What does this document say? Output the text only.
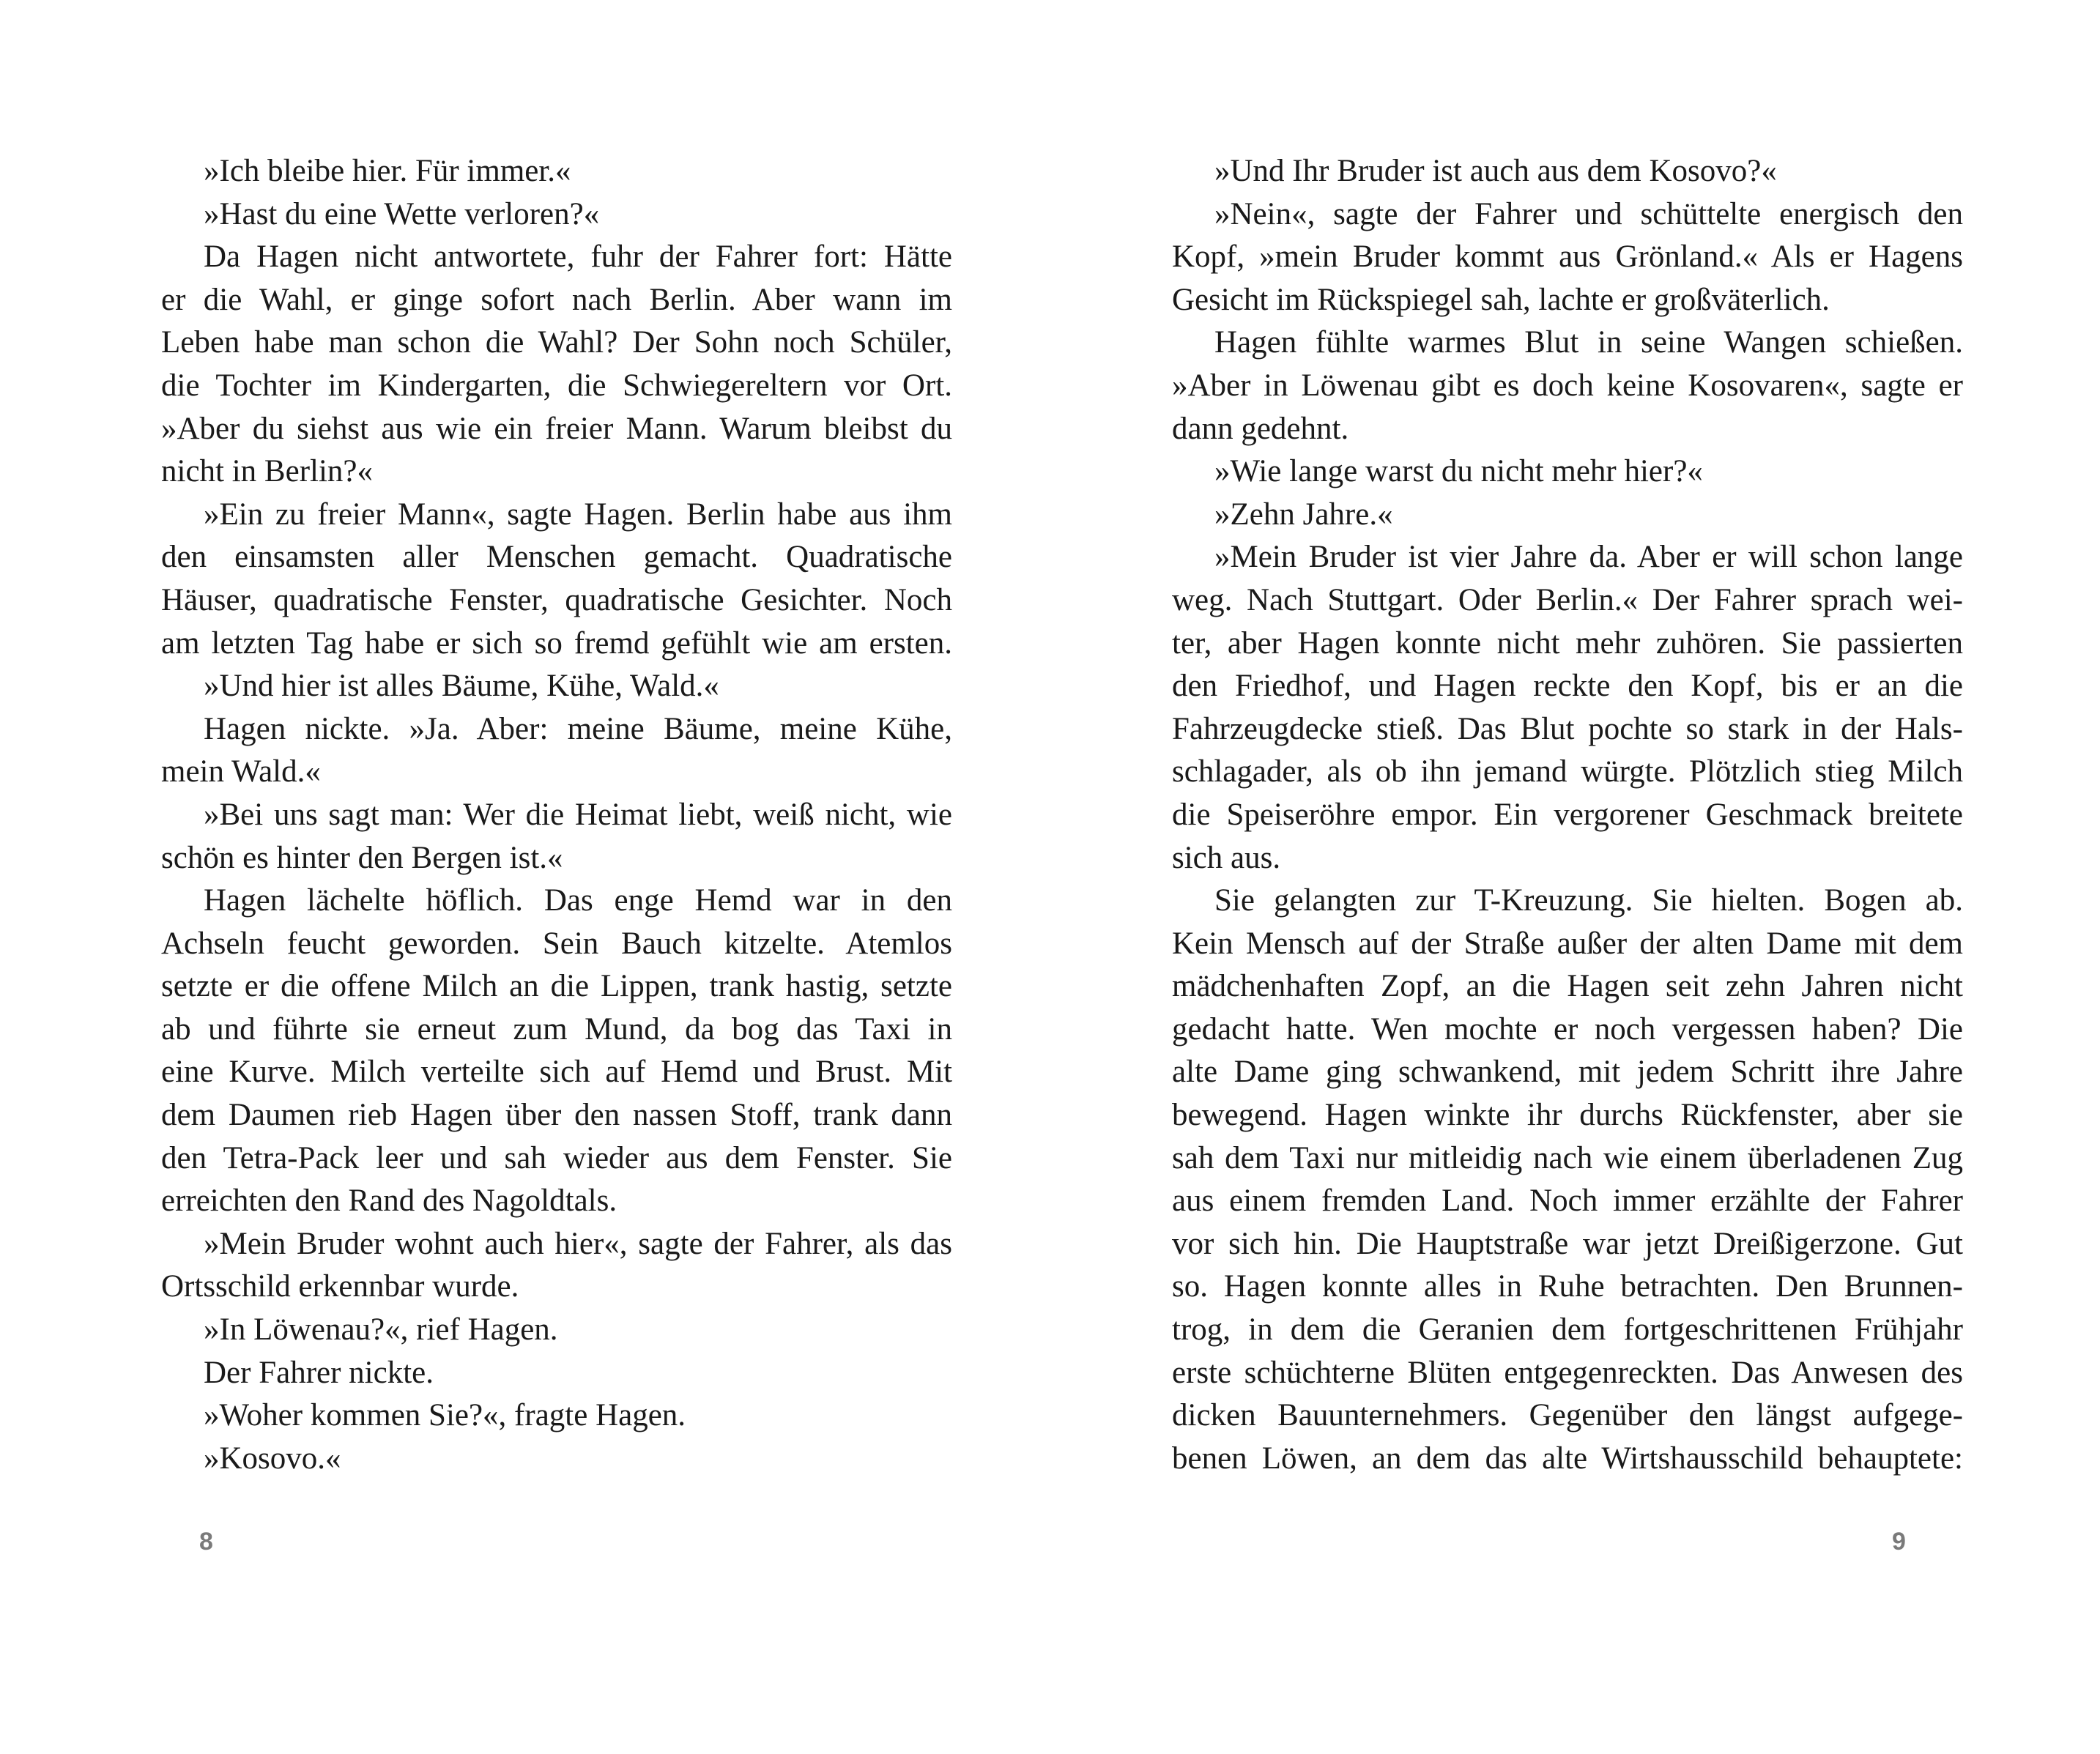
»Ich bleibe hier. Für immer.«
»Hast du eine Wette verloren?«
Da Hagen nicht antwortete, fuhr der Fahrer fort: Hätte
er die Wahl, er ginge sofort nach Berlin. Aber wann im
Leben habe man schon die Wahl? Der Sohn noch Schüler,
die Tochter im Kindergarten, die Schwiegereltern vor Ort.
»Aber du siehst aus wie ein freier Mann. Warum bleibst du
nicht in Berlin?«
»Ein zu freier Mann«, sagte Hagen. Berlin habe aus ihm
den einsamsten aller Menschen gemacht. Quadratische
Häuser, quadratische Fenster, quadratische Gesichter. Noch
am letzten Tag habe er sich so fremd gefühlt wie am ersten.
»Und hier ist alles Bäume, Kühe, Wald.«
Hagen nickte. »Ja. Aber: meine Bäume, meine Kühe,
mein Wald.«
»Bei uns sagt man: Wer die Heimat liebt, weiß nicht, wie
schön es hinter den Bergen ist.«
Hagen lächelte höflich. Das enge Hemd war in den
Achseln feucht geworden. Sein Bauch kitzelte. Atemlos
setzte er die offene Milch an die Lippen, trank hastig, setzte
ab und führte sie erneut zum Mund, da bog das Taxi in
eine Kurve. Milch verteilte sich auf Hemd und Brust. Mit
dem Daumen rieb Hagen über den nassen Stoff, trank dann
den Tetra-Pack leer und sah wieder aus dem Fenster. Sie
erreichten den Rand des Nagoldtals.
»Mein Bruder wohnt auch hier«, sagte der Fahrer, als das
Ortsschild erkennbar wurde.
»In Löwenau?«, rief Hagen.
Der Fahrer nickte.
»Woher kommen Sie?«, fragte Hagen.
»Kosovo.«
»Und Ihr Bruder ist auch aus dem Kosovo?«
»Nein«, sagte der Fahrer und schüttelte energisch den
Kopf, »mein Bruder kommt aus Grönland.« Als er Hagens
Gesicht im Rückspiegel sah, lachte er großväterlich.
Hagen fühlte warmes Blut in seine Wangen schießen.
»Aber in Löwenau gibt es doch keine Kosovaren«, sagte er
dann gedehnt.
»Wie lange warst du nicht mehr hier?«
»Zehn Jahre.«
»Mein Bruder ist vier Jahre da. Aber er will schon lange
weg. Nach Stuttgart. Oder Berlin.« Der Fahrer sprach wei-
ter, aber Hagen konnte nicht mehr zuhören. Sie passierten
den Friedhof, und Hagen reckte den Kopf, bis er an die
Fahrzeugdecke stieß. Das Blut pochte so stark in der Hals-
schlagader, als ob ihn jemand würgte. Plötzlich stieg Milch
die Speiseröhre empor. Ein vergorener Geschmack breitete
sich aus.
Sie gelangten zur T-Kreuzung. Sie hielten. Bogen ab.
Kein Mensch auf der Straße außer der alten Dame mit dem
mädchenhaften Zopf, an die Hagen seit zehn Jahren nicht
gedacht hatte. Wen mochte er noch vergessen haben? Die
alte Dame ging schwankend, mit jedem Schritt ihre Jahre
bewegend. Hagen winkte ihr durchs Rückfenster, aber sie
sah dem Taxi nur mitleidig nach wie einem überladenen Zug
aus einem fremden Land. Noch immer erzählte der Fahrer
vor sich hin. Die Hauptstraße war jetzt Dreißigerzone. Gut
so. Hagen konnte alles in Ruhe betrachten. Den Brunnen-
trog, in dem die Geranien dem fortgeschrittenen Frühjahr
erste schüchterne Blüten entgegenreckten. Das Anwesen des
dicken Bauunternehmers. Gegenüber den längst aufgege-
benen Löwen, an dem das alte Wirtshausschild behauptete:
8	9
